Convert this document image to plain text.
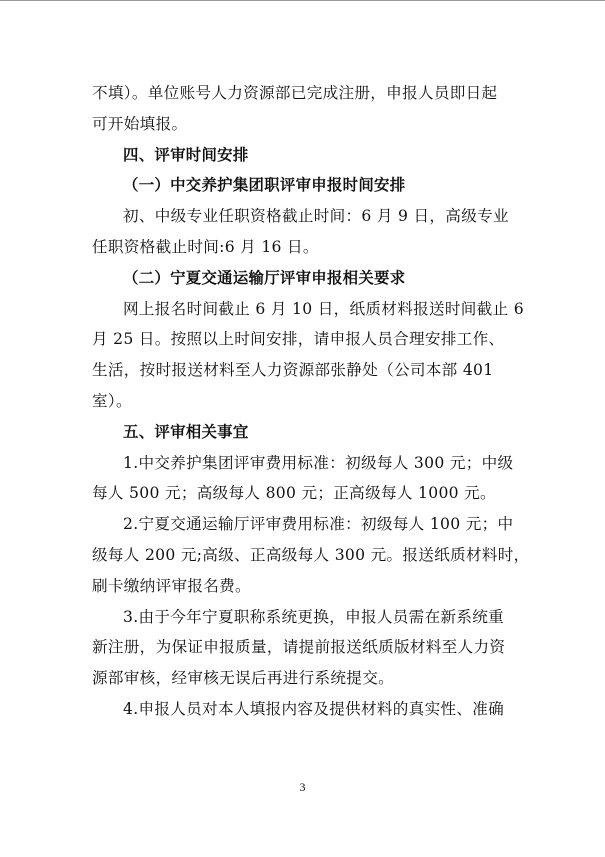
不填）。单位账号人力资源部已完成注册，申报人员即日起
可开始填报。
四、评审时间安排
（一）中交养护集团职评审申报时间安排
初、中级专业任职资格截止时间：6 月 9 日，高级专业
任职资格截止时间:6 月 16 日。
（二）宁夏交通运输厅评审申报相关要求
网上报名时间截止 6 月 10 日，纸质材料报送时间截止 6
月 25 日。按照以上时间安排，请申报人员合理安排工作、
生活，按时报送材料至人力资源部张静处（公司本部 401
室）。
五、评审相关事宜
1.中交养护集团评审费用标准：初级每人 300 元；中级
每人 500 元；高级每人 800 元；正高级每人 1000 元。
2.宁夏交通运输厅评审费用标准：初级每人 100 元；中
级每人 200 元;高级、正高级每人 300 元。报送纸质材料时，
刷卡缴纳评审报名费。
3.由于今年宁夏职称系统更换，申报人员需在新系统重
新注册，为保证申报质量，请提前报送纸质版材料至人力资
源部审核，经审核无误后再进行系统提交。
4.申报人员对本人填报内容及提供材料的真实性、准确
3
